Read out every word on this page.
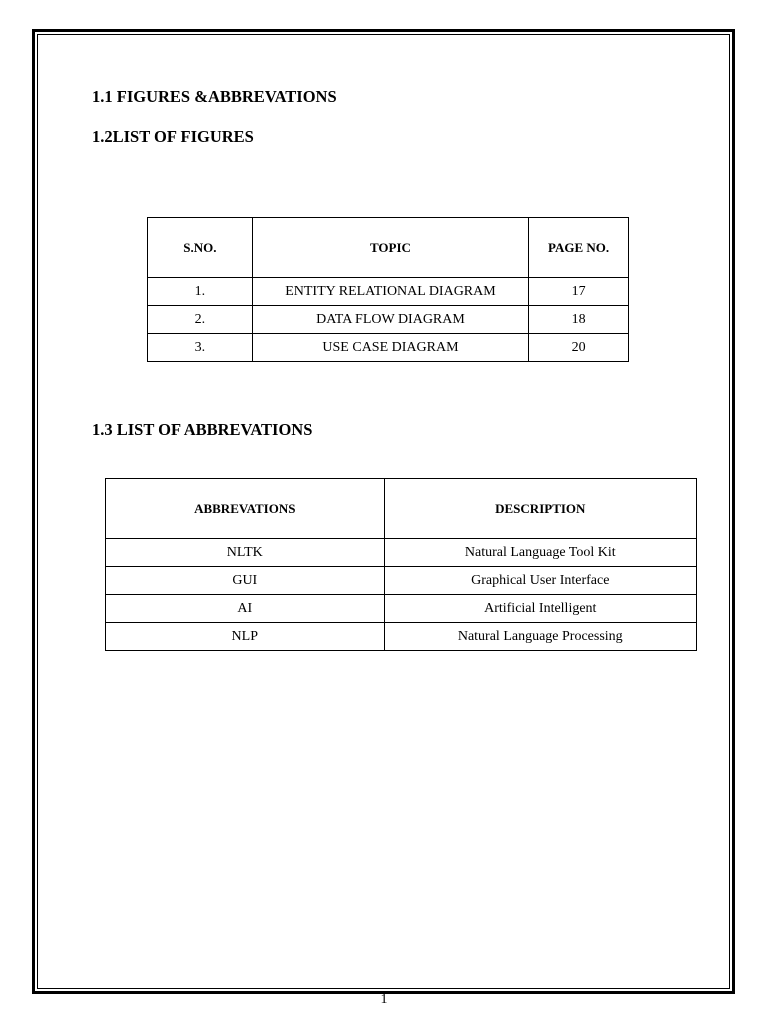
1.1 FIGURES &ABBREVATIONS
1.2LIST OF FIGURES
S.NO.	TOPIC	PAGE NO.
1.	ENTITY RELATIONAL DIAGRAM	17
2.	DATA FLOW DIAGRAM	18
3.	USE CASE DIAGRAM	20
1.3 LIST OF ABBREVATIONS
ABBREVATIONS	DESCRIPTION
NLTK	Natural Language Tool Kit
GUI	Graphical User Interface
AI	Artificial Intelligent
NLP	Natural Language Processing
1
